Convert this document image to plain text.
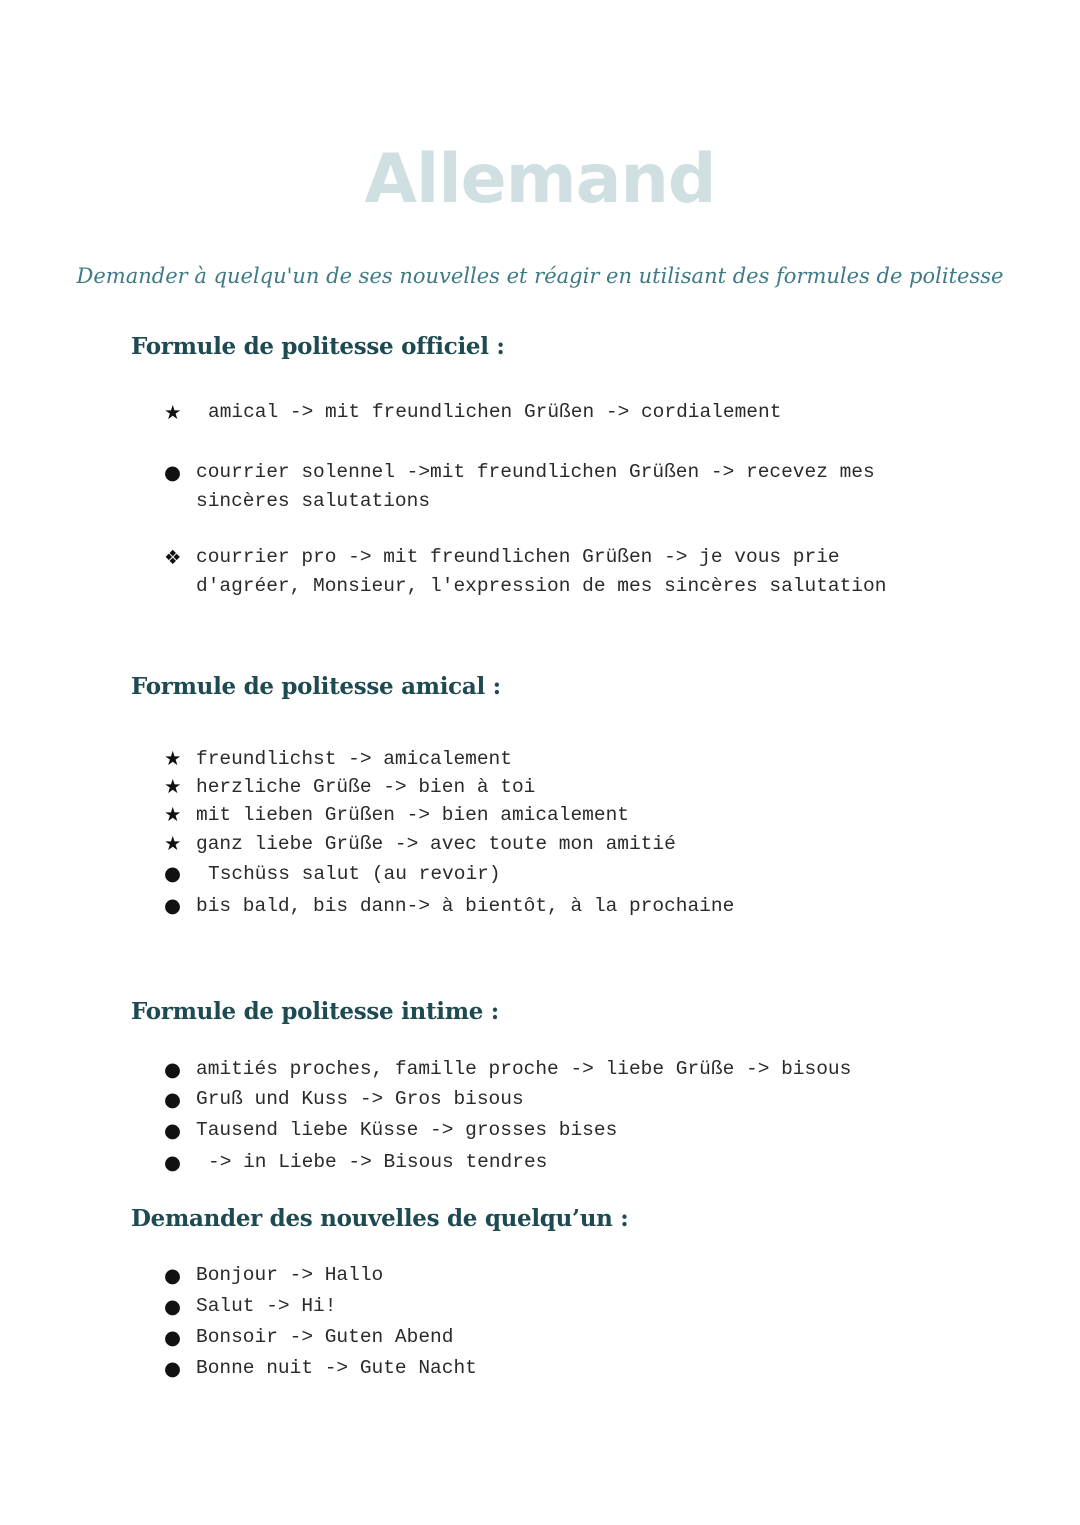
Allemand

Demander à quelqu'un de ses nouvelles et réagir en utilisant des formules de politesse

Formule de politesse officiel :
★	amical -> mit freundlichen Grüßen -> cordialement
● courrier solennel ->mit freundlichen Grüßen -> recevez mes sincères salutations
❖ courrier pro -> mit freundlichen Grüßen -> je vous prie d'agréer, Monsieur, l'expression de mes sincères salutation
Formule de politesse amical :
★ freundlichst -> amicalement
★ herzliche Grüße -> bien à toi
★ mit lieben Grüßen -> bien amicalement
★ ganz liebe Grüße -> avec toute mon amitié
●	Tschüss salut (au revoir)
● bis bald, bis dann-> à bientôt, à la prochaine
Formule de politesse intime :
● amitiés proches, famille proche -> liebe Grüße -> bisous
● Gruß und Kuss -> Gros bisous
● Tausend liebe Küsse -> grosses bises
●	-> in Liebe -> Bisous tendres
Demander des nouvelles de quelqu’un :
● Bonjour -> Hallo
● Salut -> Hi!
● Bonsoir -> Guten Abend
● Bonne nuit -> Gute Nacht
